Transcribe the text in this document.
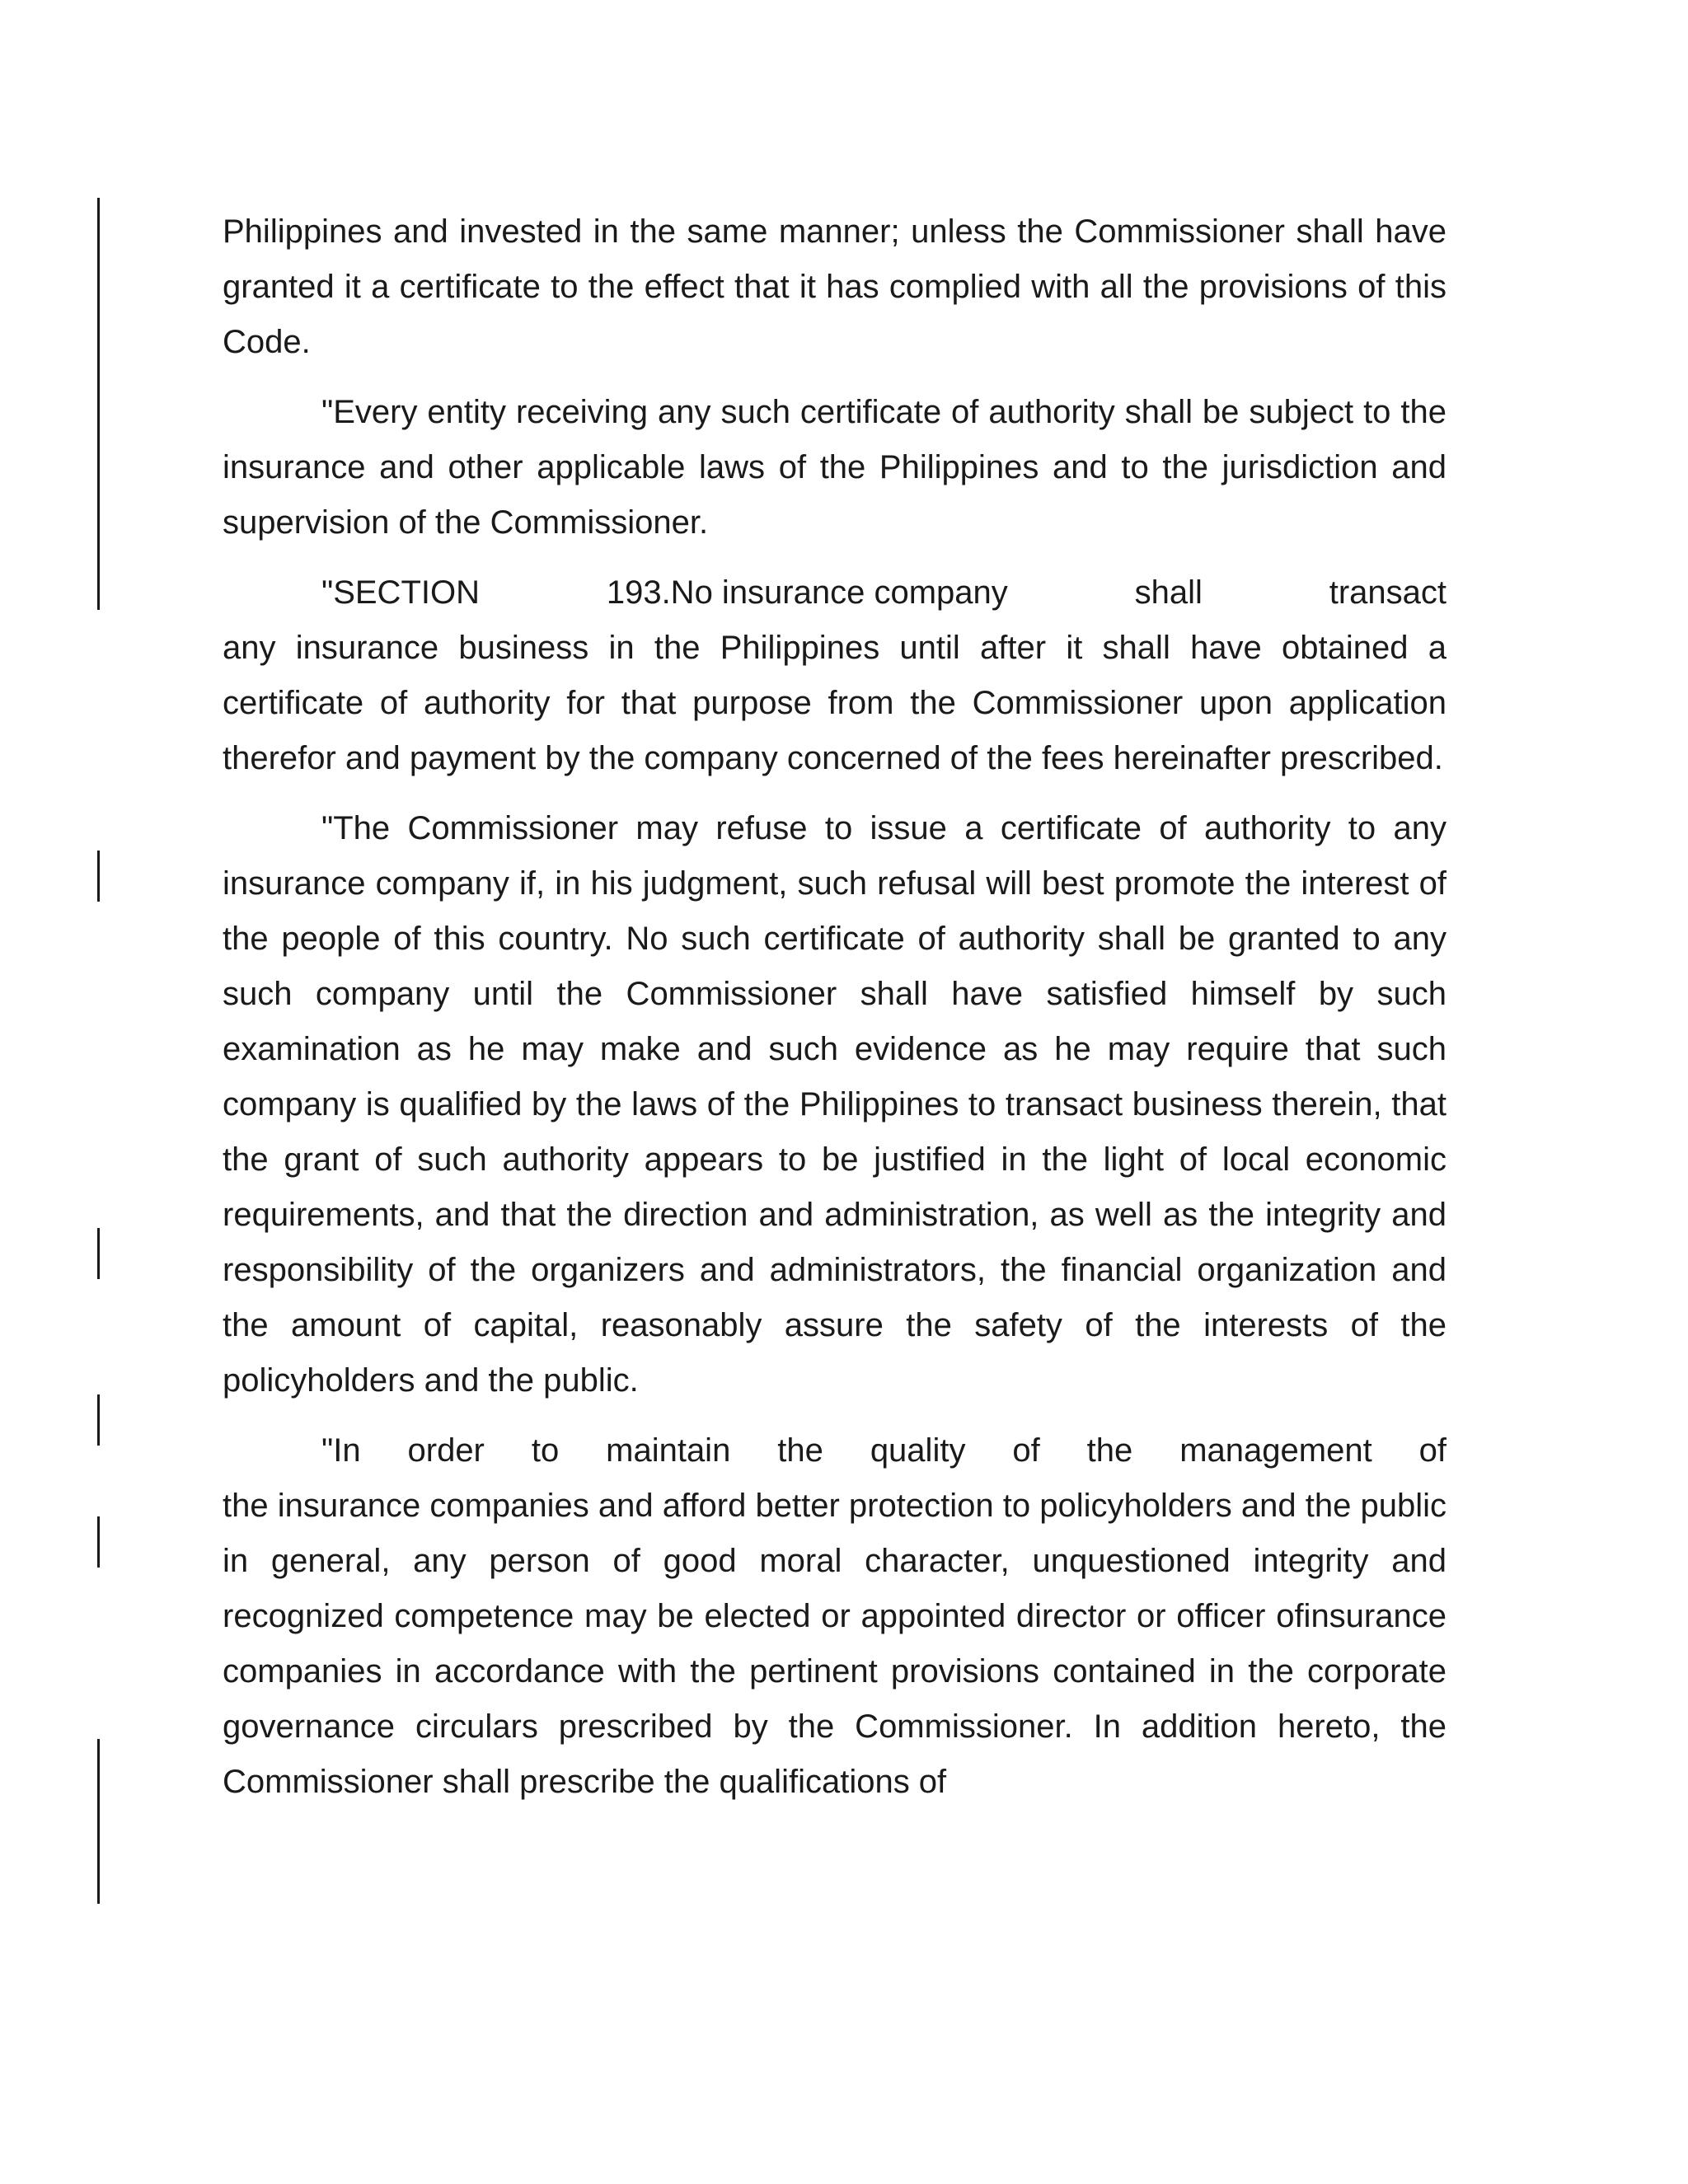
Philippines and invested in the same manner; unless the Commissioner shall have granted it a certificate to the effect that it has complied with all the provisions of this Code.

"Every entity receiving any such certificate of authority shall be subject to the insurance and other applicable laws of the Philippines and to the jurisdiction and supervision of the Commissioner.

"SECTION	193.No insurance company	shall	transact

any insurance business in the Philippines until after it shall have obtained a certificate of authority for that purpose from the Commissioner upon application therefor and payment by the company concerned of the fees hereinafter prescribed.

"The Commissioner may refuse to issue a certificate of authority to any insurance company if, in his judgment, such refusal will best promote the interest of the people of this country. No such certificate of authority shall be granted to any such company until the Commissioner shall have satisfied himself by such examination as he may make and such evidence as he may require that such company is qualified by the laws of the Philippines to transact business therein, that the grant of such authority appears to be justified in the light of local economic requirements, and that the direction and administration, as well as the integrity and responsibility of the organizers and administrators, the financial organization and the amount of capital, reasonably assure the safety of the interests of the policyholders and the public.

"In order to maintain the quality of the management of

the insurance companies and afford better protection to policyholders and the public in general, any person of good moral character, unquestioned integrity and recognized competence may be elected or appointed director or officer ofinsurance companies in accordance with the pertinent provisions contained in the corporate governance circulars prescribed by the Commissioner. In addition hereto, the Commissioner shall prescribe the qualifications of
